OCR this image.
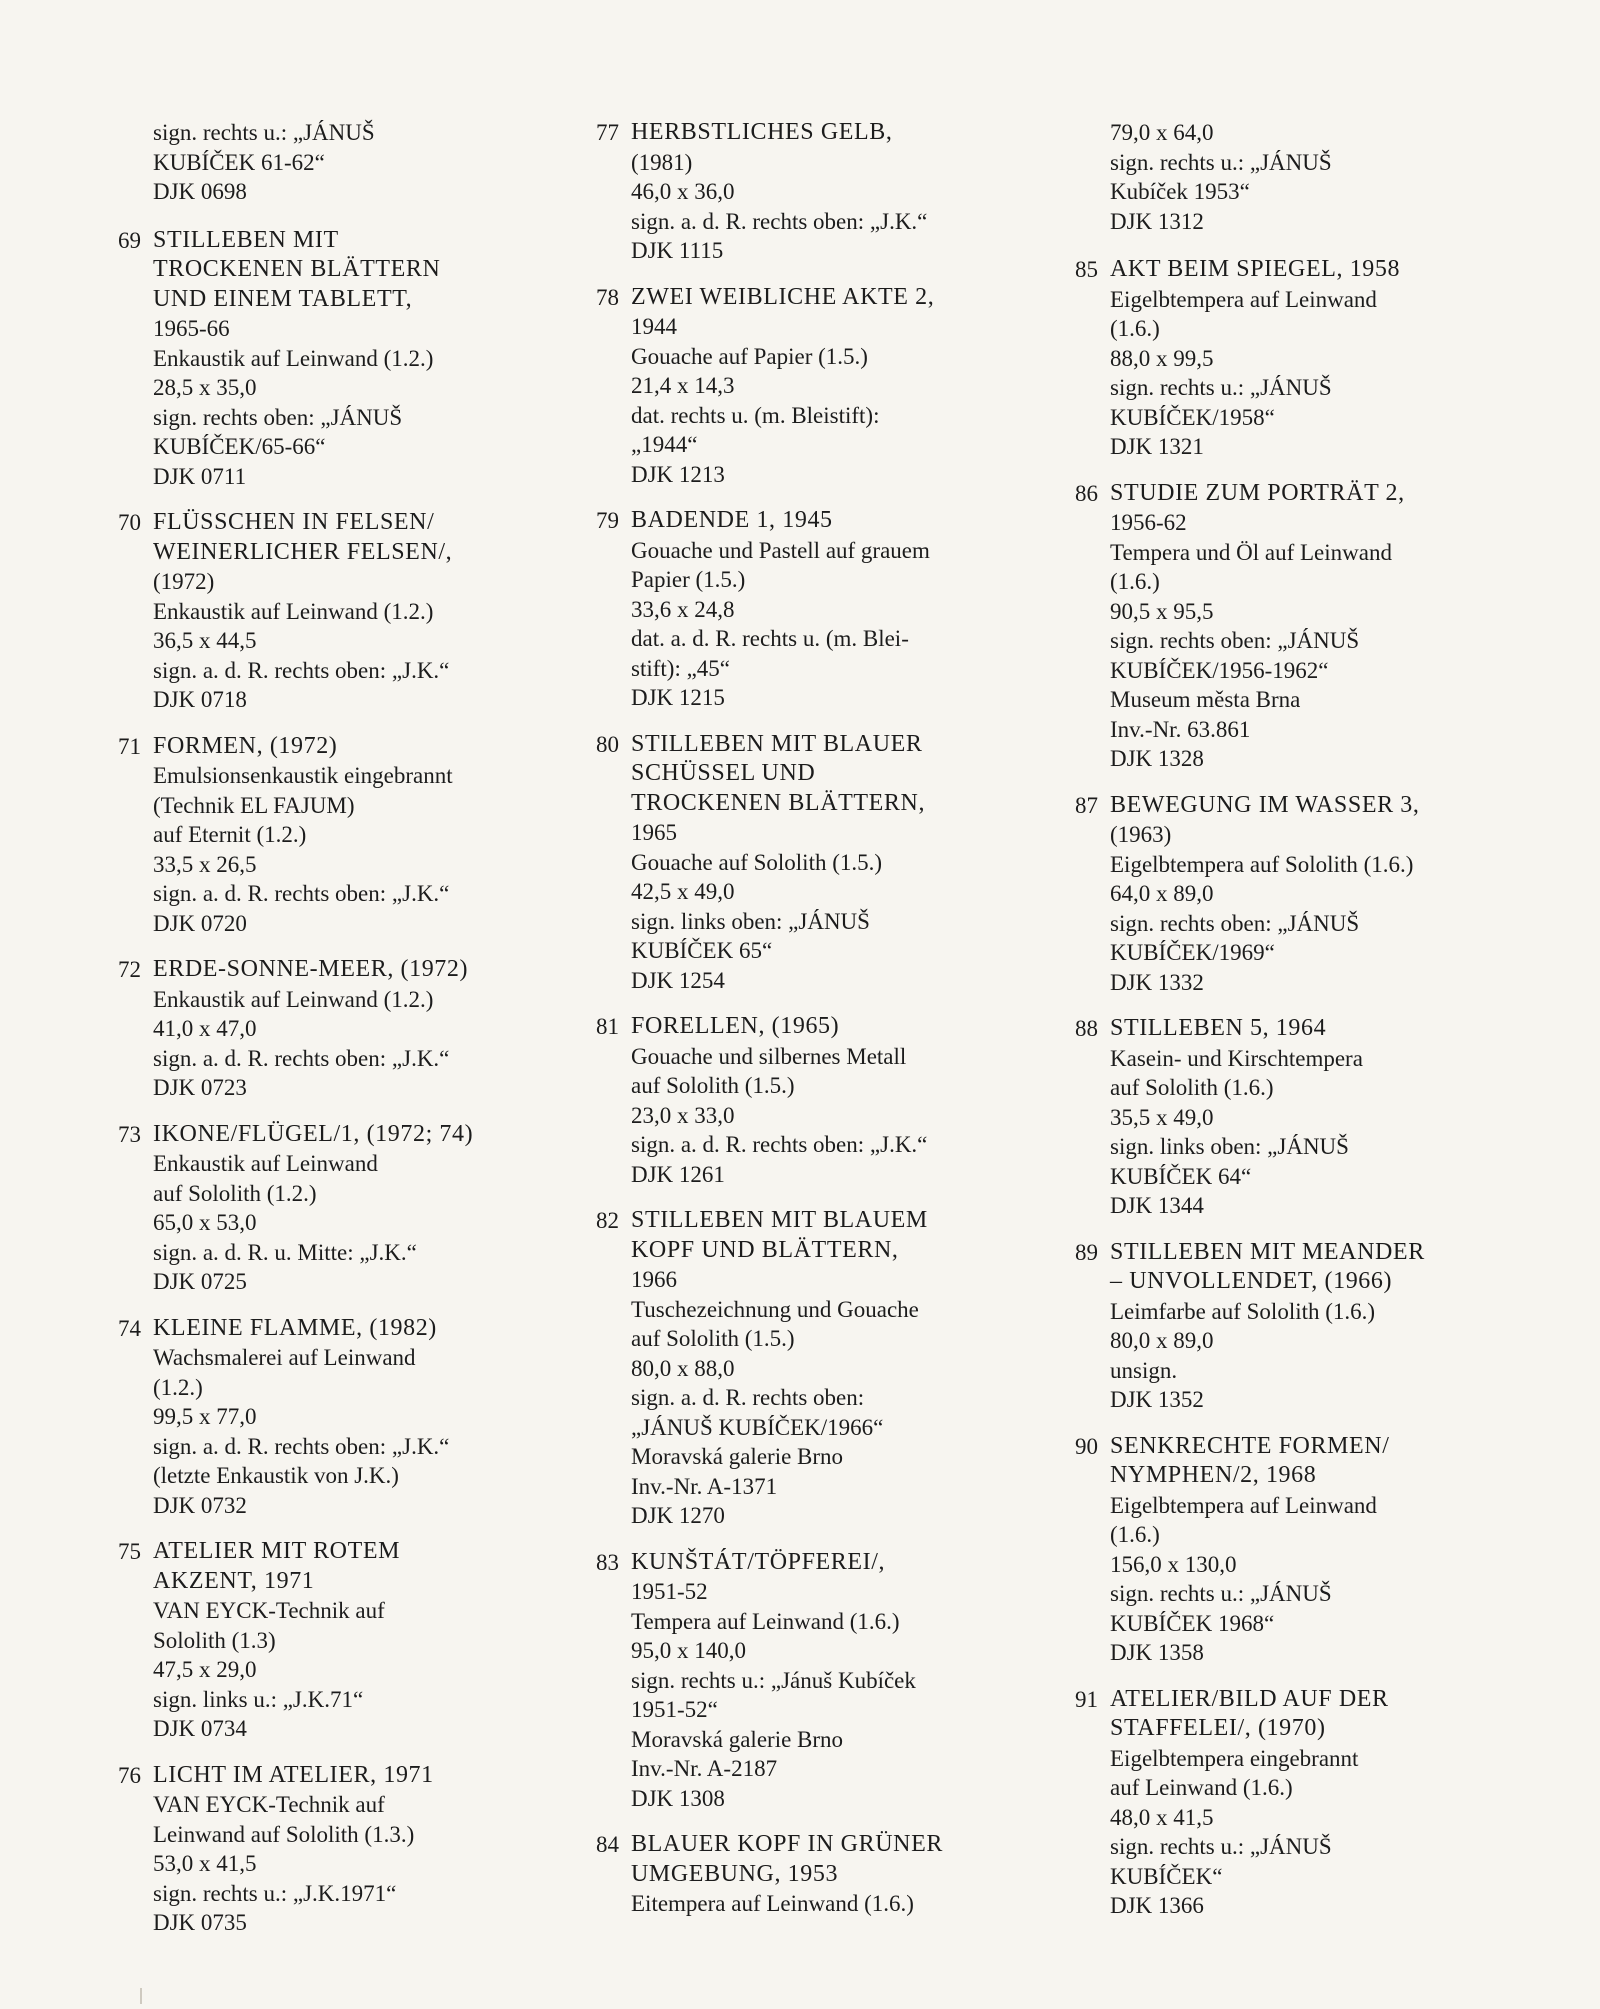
sign. rechts u.: „JÁNUŠ
KUBÍČEK 61-62“
DJK 0698
69 STILLEBEN MIT
TROCKENEN BLÄTTERN
UND EINEM TABLETT,
1965-66
Enkaustik auf Leinwand (1.2.)
28,5 x 35,0
sign. rechts oben: „JÁNUŠ
KUBÍČEK/65-66“
DJK 0711
70 FLÜSSCHEN IN FELSEN/
WEINERLICHER FELSEN/,
(1972)
Enkaustik auf Leinwand (1.2.)
36,5 x 44,5
sign. a. d. R. rechts oben: „J.K.“
DJK 0718
71 FORMEN, (1972)
Emulsionsenkaustik eingebrannt
(Technik EL FAJUM)
auf Eternit (1.2.)
33,5 x 26,5
sign. a. d. R. rechts oben: „J.K.“
DJK 0720
72 ERDE-SONNE-MEER, (1972)
Enkaustik auf Leinwand (1.2.)
41,0 x 47,0
sign. a. d. R. rechts oben: „J.K.“
DJK 0723
73 IKONE/FLÜGEL/1, (1972; 74)
Enkaustik auf Leinwand
auf Sololith (1.2.)
65,0 x 53,0
sign. a. d. R. u. Mitte: „J.K.“
DJK 0725
74 KLEINE FLAMME, (1982)
Wachsmalerei auf Leinwand
(1.2.)
99,5 x 77,0
sign. a. d. R. rechts oben: „J.K.“
(letzte Enkaustik von J.K.)
DJK 0732
75 ATELIER MIT ROTEM
AKZENT, 1971
VAN EYCK-Technik auf
Sololith (1.3)
47,5 x 29,0
sign. links u.: „J.K.71“
DJK 0734
76 LICHT IM ATELIER, 1971
VAN EYCK-Technik auf
Leinwand auf Sololith (1.3.)
53,0 x 41,5
sign. rechts u.: „J.K.1971“
DJK 0735
77 HERBSTLICHES GELB,
(1981)
46,0 x 36,0
sign. a. d. R. rechts oben: „J.K.“
DJK 1115
78 ZWEI WEIBLICHE AKTE 2,
1944
Gouache auf Papier (1.5.)
21,4 x 14,3
dat. rechts u. (m. Bleistift):
„1944“
DJK 1213
79 BADENDE 1, 1945
Gouache und Pastell auf grauem
Papier (1.5.)
33,6 x 24,8
dat. a. d. R. rechts u. (m. Blei-
stift): „45“
DJK 1215
80 STILLEBEN MIT BLAUER
SCHÜSSEL UND
TROCKENEN BLÄTTERN,
1965
Gouache auf Sololith (1.5.)
42,5 x 49,0
sign. links oben: „JÁNUŠ
KUBÍČEK 65“
DJK 1254
81 FORELLEN, (1965)
Gouache und silbernes Metall
auf Sololith (1.5.)
23,0 x 33,0
sign. a. d. R. rechts oben: „J.K.“
DJK 1261
82 STILLEBEN MIT BLAUEM
KOPF UND BLÄTTERN,
1966
Tuschezeichnung und Gouache
auf Sololith (1.5.)
80,0 x 88,0
sign. a. d. R. rechts oben:
„JÁNUŠ KUBÍČEK/1966“
Moravská galerie Brno
Inv.-Nr. A-1371
DJK 1270
83 KUNŠTÁT/TÖPFEREI/,
1951-52
Tempera auf Leinwand (1.6.)
95,0 x 140,0
sign. rechts u.: „Jánuš Kubíček
1951-52“
Moravská galerie Brno
Inv.-Nr. A-2187
DJK 1308
84 BLAUER KOPF IN GRÜNER
UMGEBUNG, 1953
Eitempera auf Leinwand (1.6.)
79,0 x 64,0
sign. rechts u.: „JÁNUŠ
Kubíček 1953“
DJK 1312
85 AKT BEIM SPIEGEL, 1958
Eigelbtempera auf Leinwand
(1.6.)
88,0 x 99,5
sign. rechts u.: „JÁNUŠ
KUBÍČEK/1958“
DJK 1321
86 STUDIE ZUM PORTRÄT 2,
1956-62
Tempera und Öl auf Leinwand
(1.6.)
90,5 x 95,5
sign. rechts oben: „JÁNUŠ
KUBÍČEK/1956-1962“
Museum města Brna
Inv.-Nr. 63.861
DJK 1328
87 BEWEGUNG IM WASSER 3,
(1963)
Eigelbtempera auf Sololith (1.6.)
64,0 x 89,0
sign. rechts oben: „JÁNUŠ
KUBÍČEK/1969“
DJK 1332
88 STILLEBEN 5, 1964
Kasein- und Kirschtempera
auf Sololith (1.6.)
35,5 x 49,0
sign. links oben: „JÁNUŠ
KUBÍČEK 64“
DJK 1344
89 STILLEBEN MIT MEANDER
– UNVOLLENDET, (1966)
Leimfarbe auf Sololith (1.6.)
80,0 x 89,0
unsign.
DJK 1352
90 SENKRECHTE FORMEN/
NYMPHEN/2, 1968
Eigelbtempera auf Leinwand
(1.6.)
156,0 x 130,0
sign. rechts u.: „JÁNUŠ
KUBÍČEK 1968“
DJK 1358
91 ATELIER/BILD AUF DER
STAFFELEI/, (1970)
Eigelbtempera eingebrannt
auf Leinwand (1.6.)
48,0 x 41,5
sign. rechts u.: „JÁNUŠ
KUBÍČEK“
DJK 1366
